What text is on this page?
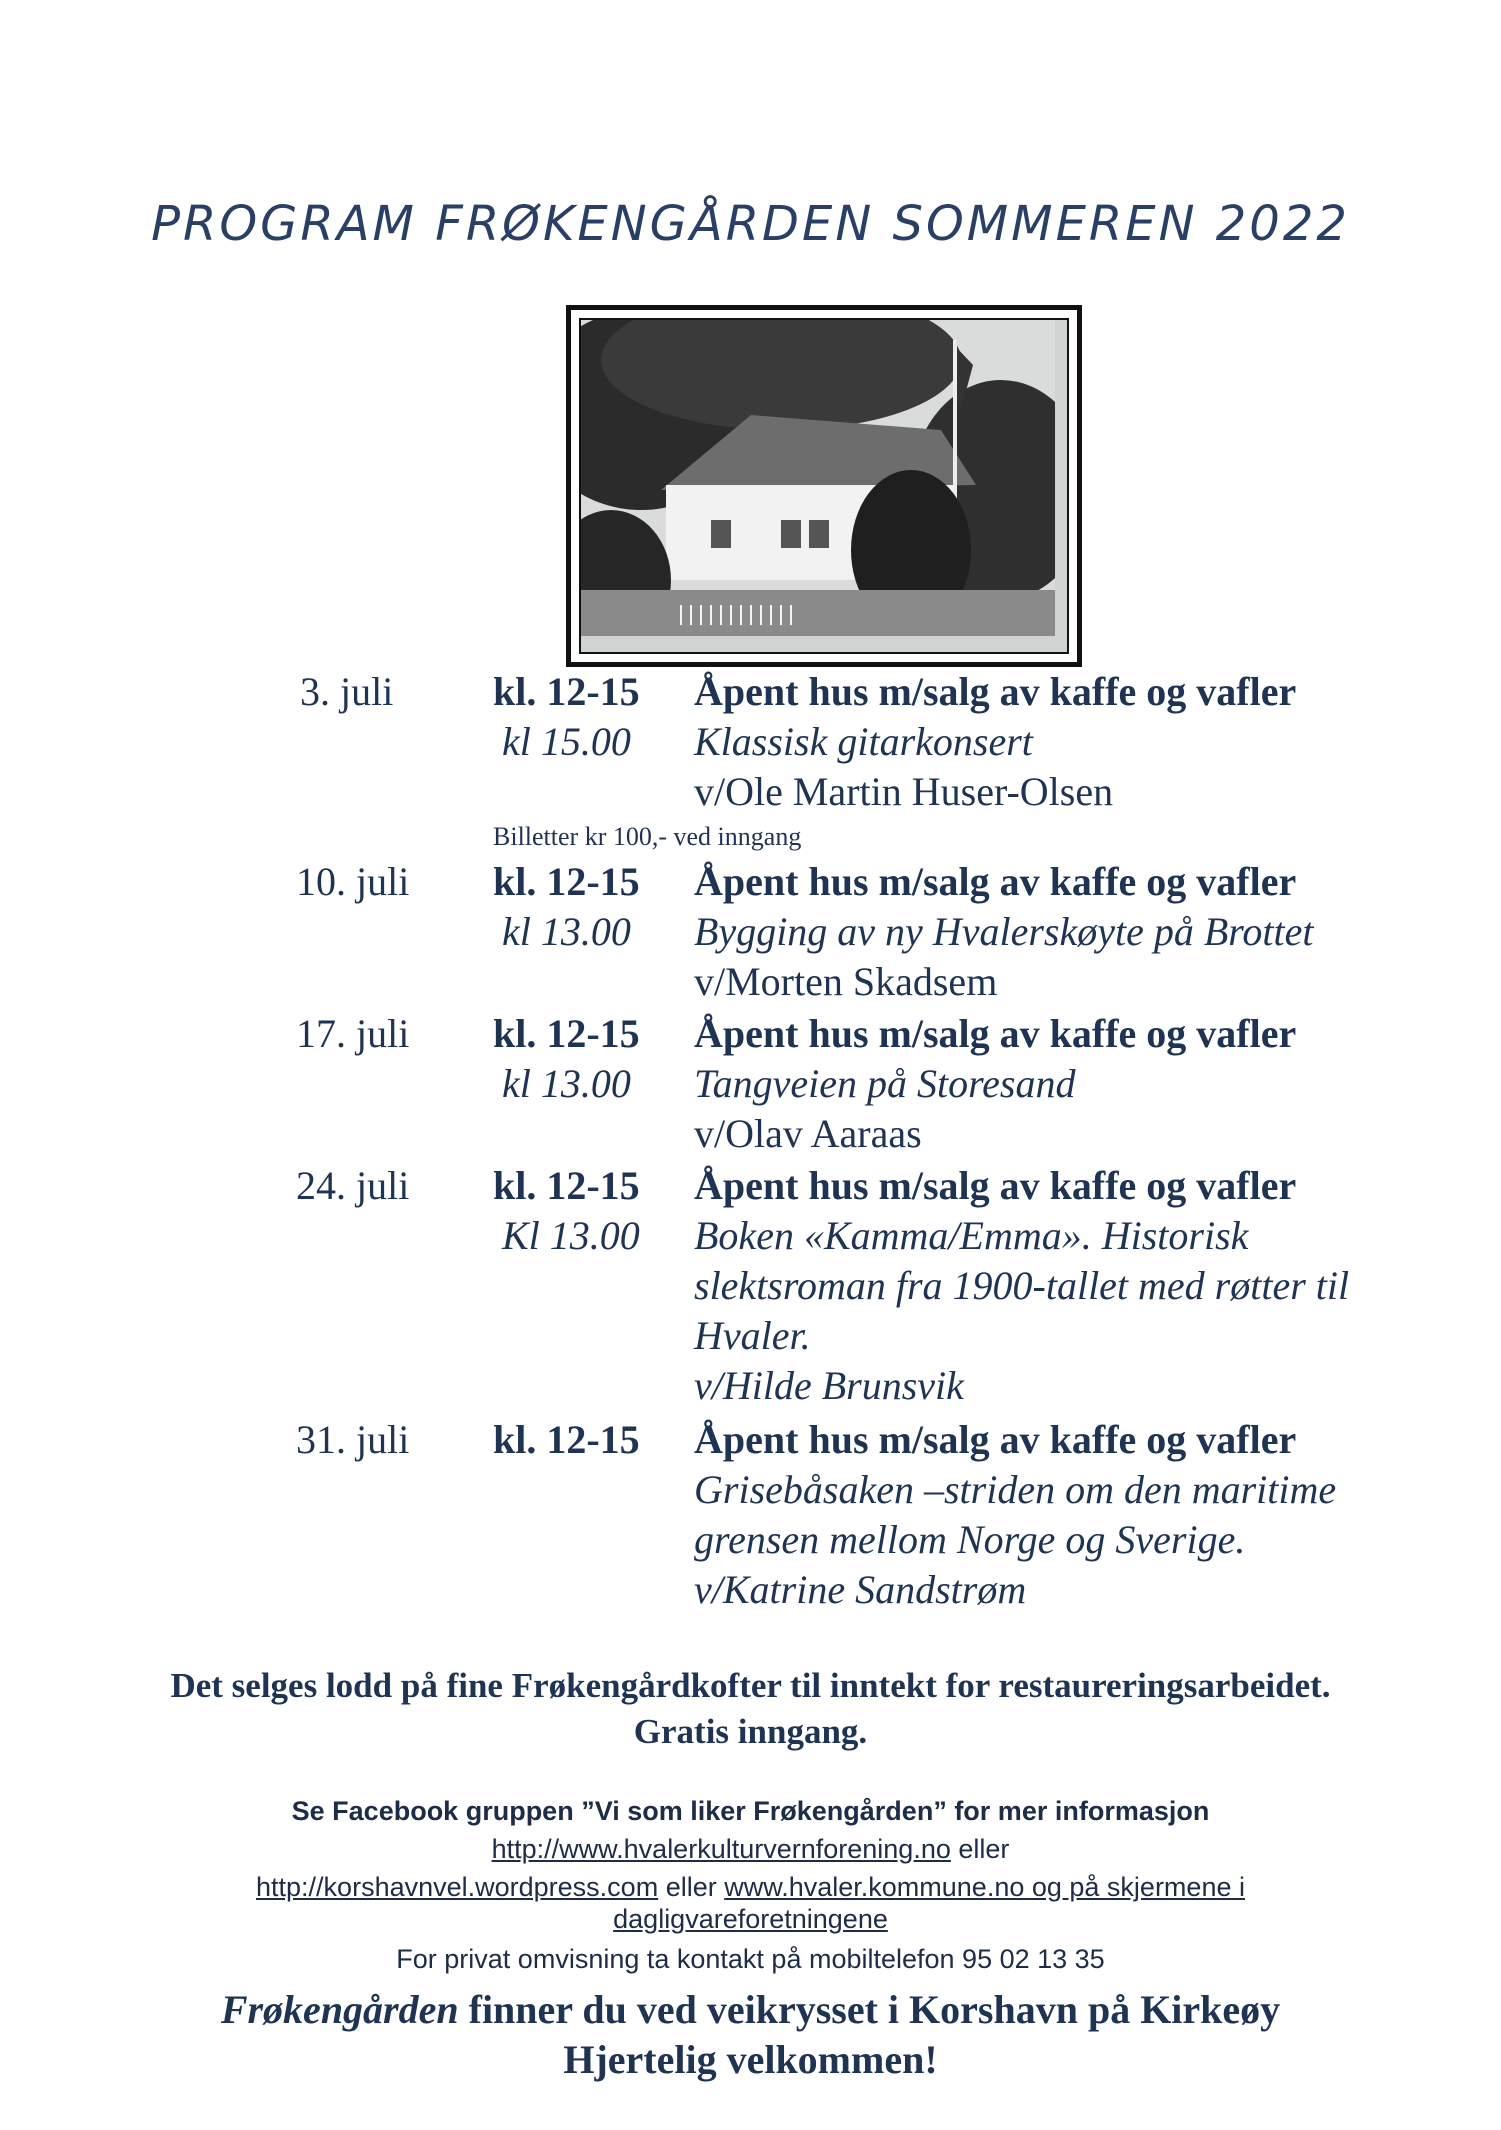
PROGRAM FRØKENGÅRDEN SOMMEREN 2022
3. juli kl. 12-15 Åpent hus m/salg av kaffe og vafler
kl 15.00 Klassisk gitarkonsert
v/Ole Martin Huser-Olsen
Billetter kr 100,- ved inngang
10. juli kl. 12-15 Åpent hus m/salg av kaffe og vafler
kl 13.00 Bygging av ny Hvalerskøyte på Brottet
v/Morten Skadsem
17. juli kl. 12-15 Åpent hus m/salg av kaffe og vafler
kl 13.00 Tangveien på Storesand
v/Olav Aaraas
24. juli kl. 12-15 Åpent hus m/salg av kaffe og vafler
Kl 13.00 Boken «Kamma/Emma». Historisk
slektsroman fra 1900-tallet med røtter til
Hvaler.
v/Hilde Brunsvik
31. juli kl. 12-15 Åpent hus m/salg av kaffe og vafler
Grisebåsaken –striden om den maritime
grensen mellom Norge og Sverige.
v/Katrine Sandstrøm
Det selges lodd på fine Frøkengårdkofter til inntekt for restaureringsarbeidet.
Gratis inngang.
Se Facebook gruppen ”Vi som liker Frøkengården” for mer informasjon
http://www.hvalerkulturvernforening.no eller
http://korshavnvel.wordpress.com eller www.hvaler.kommune.no og på skjermene i
dagligvareforetningene
For privat omvisning ta kontakt på mobiltelefon 95 02 13 35
Frøkengården finner du ved veikrysset i Korshavn på Kirkeøy
Hjertelig velkommen!
